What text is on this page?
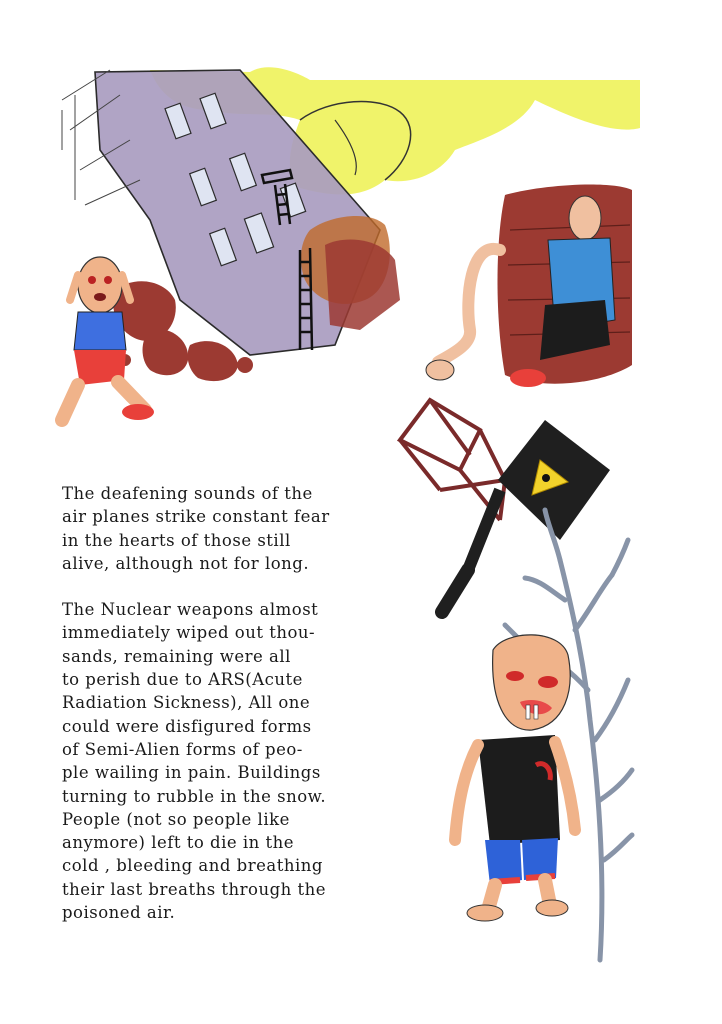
The deafening sounds of the
air planes strike constant fear
in the hearts of those still
alive, although not for long.

The Nuclear weapons almost
immediately wiped out thou-
sands, remaining were all
to perish due to ARS(Acute
Radiation Sickness), All one
could were disfigured forms
of Semi-Alien forms of peo-
ple wailing in pain. Buildings
turning to rubble in the snow.
People (not so people like
anymore) left to die in the
cold , bleeding and breathing
their last breaths through the
poisoned air.
